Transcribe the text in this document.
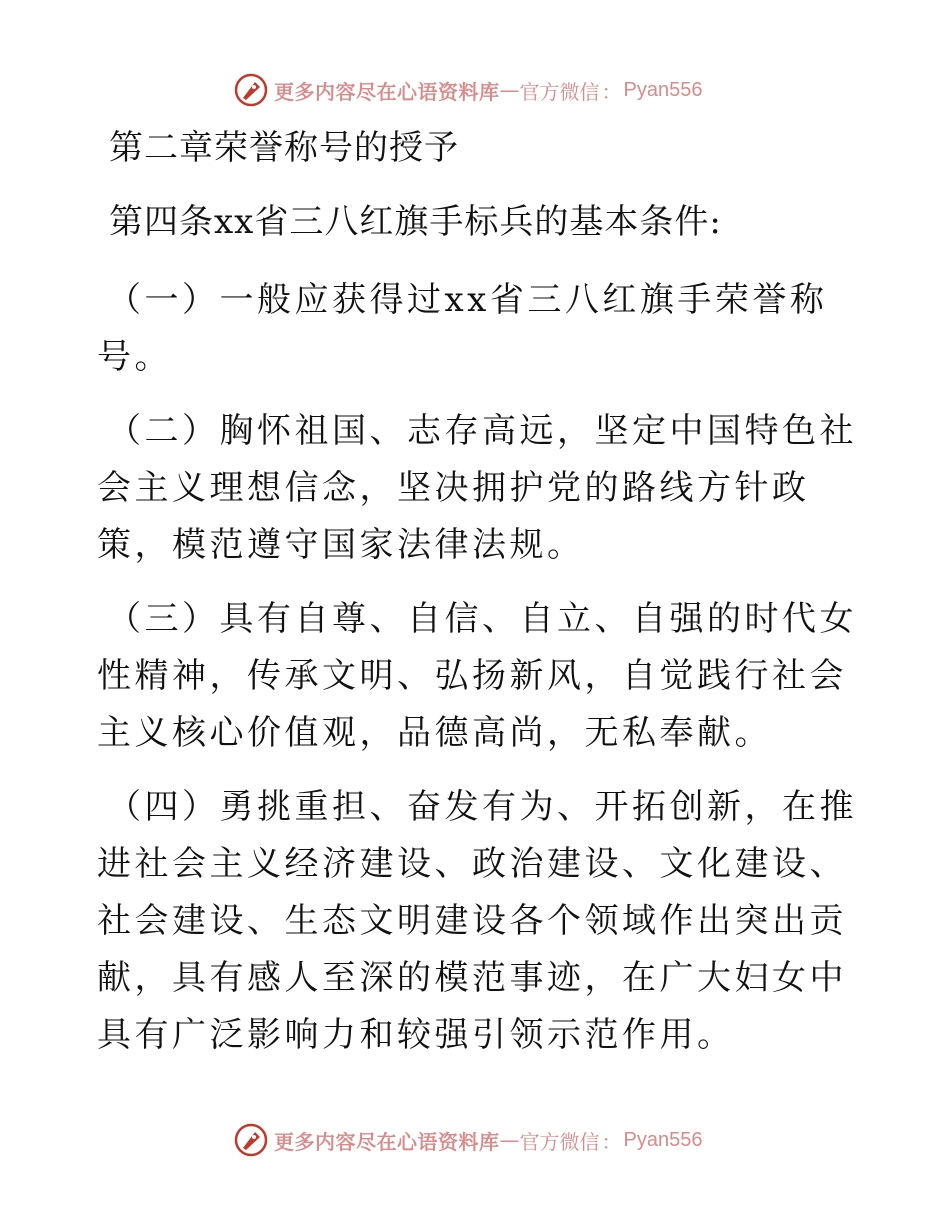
更多内容尽在心语资料库 — 官方微信 ： Pyan556
第二章荣誉称号的授予
第四条xx省三八红旗手标兵的基本条件:

（一）一般应获得过xx省三八红旗手荣誉称号。

（二）胸怀祖国、志存高远，坚定中国特色社会主义理想信念，坚决拥护党的路线方针政策，模范遵守国家法律法规。

（三）具有自尊、自信、自立、自强的时代女性精神，传承文明、弘扬新风，自觉践行社会主义核心价值观，品德高尚，无私奉献。

（四）勇挑重担、奋发有为、开拓创新，在推进社会主义经济建设、政治建设、文化建设、社会建设、生态文明建设各个领域作出突出贡献，具有感人至深的模范事迹，在广大妇女中具有广泛影响力和较强引领示范作用。

更多内容尽在心语资料库 — 官方微信 ： Pyan556
